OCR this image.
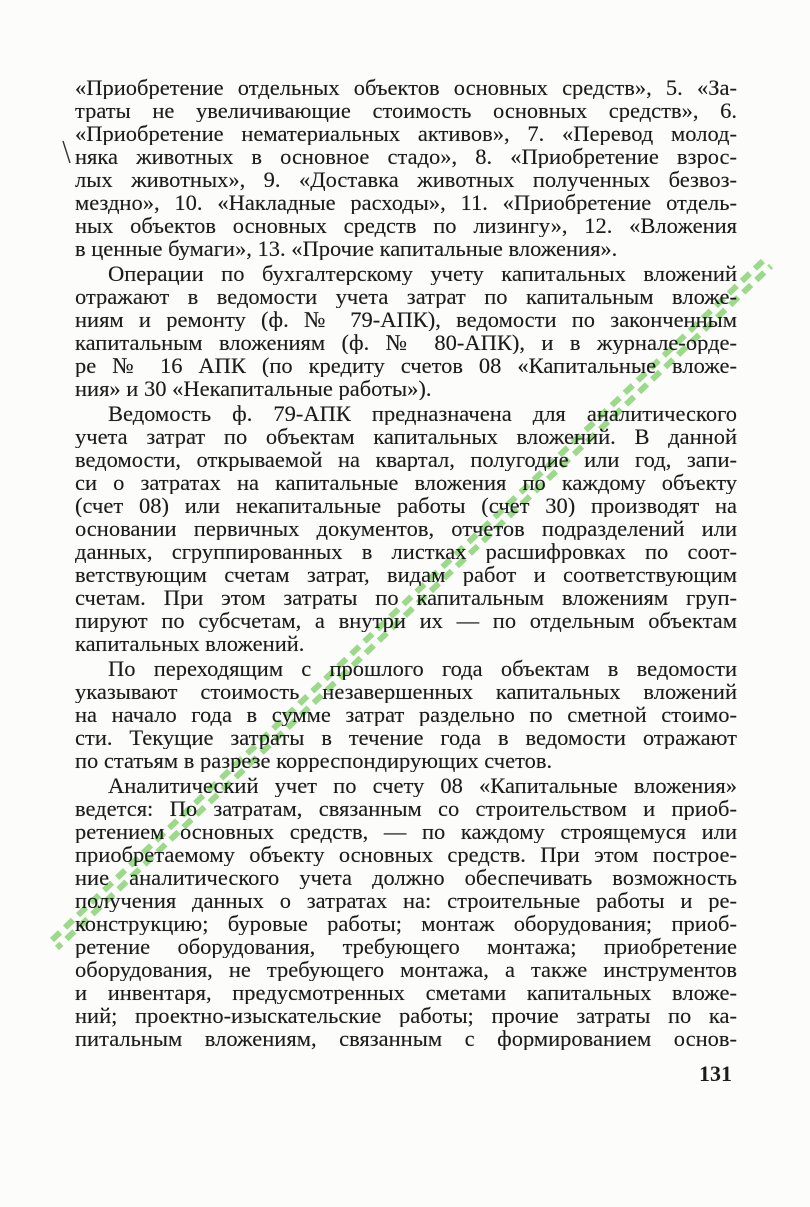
«Приобретение отдельных объектов основных средств», 5. «За-
траты не увеличивающие стоимость основных средств», 6.
«Приобретение нематериальных активов», 7. «Перевод молод-
няка животных в основное стадо», 8. «Приобретение взрос-
лых животных», 9. «Доставка животных полученных безвоз-
мездно», 10. «Накладные расходы», 11. «Приобретение отдель-
ных объектов основных средств по лизингу», 12. «Вложения
в ценные бумаги», 13. «Прочие капитальные вложения».
Операции по бухгалтерскому учету капитальных вложений
отражают в ведомости учета затрат по капитальным вложе-
ниям и ремонту (ф. № 79-АПК), ведомости по законченным
капитальным вложениям (ф. № 80-АПК), и в журнале-орде-
ре № 16 АПК (по кредиту счетов 08 «Капитальные вложе-
ния» и 30 «Некапитальные работы»).
Ведомость ф. 79-АПК предназначена для аналитического
учета затрат по объектам капитальных вложений. В данной
ведомости, открываемой на квартал, полугодие или год, запи-
си о затратах на капитальные вложения по каждому объекту
(счет 08) или некапитальные работы (счет 30) производят на
основании первичных документов, отчетов подразделений или
данных, сгруппированных в листках расшифровках по соот-
ветствующим счетам затрат, видам работ и соответствующим
счетам. При этом затраты по капитальным вложениям груп-
пируют по субсчетам, а внутри их — по отдельным объектам
капитальных вложений.
По переходящим с прошлого года объектам в ведомости
указывают стоимость незавершенных капитальных вложений
на начало года в сумме затрат раздельно по сметной стоимо-
сти. Текущие затраты в течение года в ведомости отражают
по статьям в разрезе корреспондирующих счетов.
Аналитический учет по счету 08 «Капитальные вложения»
ведется: По затратам, связанным со строительством и приоб-
ретением основных средств, — по каждому строящемуся или
приобретаемому объекту основных средств. При этом построе-
ние аналитического учета должно обеспечивать возможность
получения данных о затратах на: строительные работы и ре-
конструкцию; буровые работы; монтаж оборудования; приоб-
ретение оборудования, требующего монтажа; приобретение
оборудования, не требующего монтажа, а также инструментов
и инвентаря, предусмотренных сметами капитальных вложе-
ний; проектно-изыскательские работы; прочие затраты по ка-
питальным вложениям, связанным с формированием основ-
131
